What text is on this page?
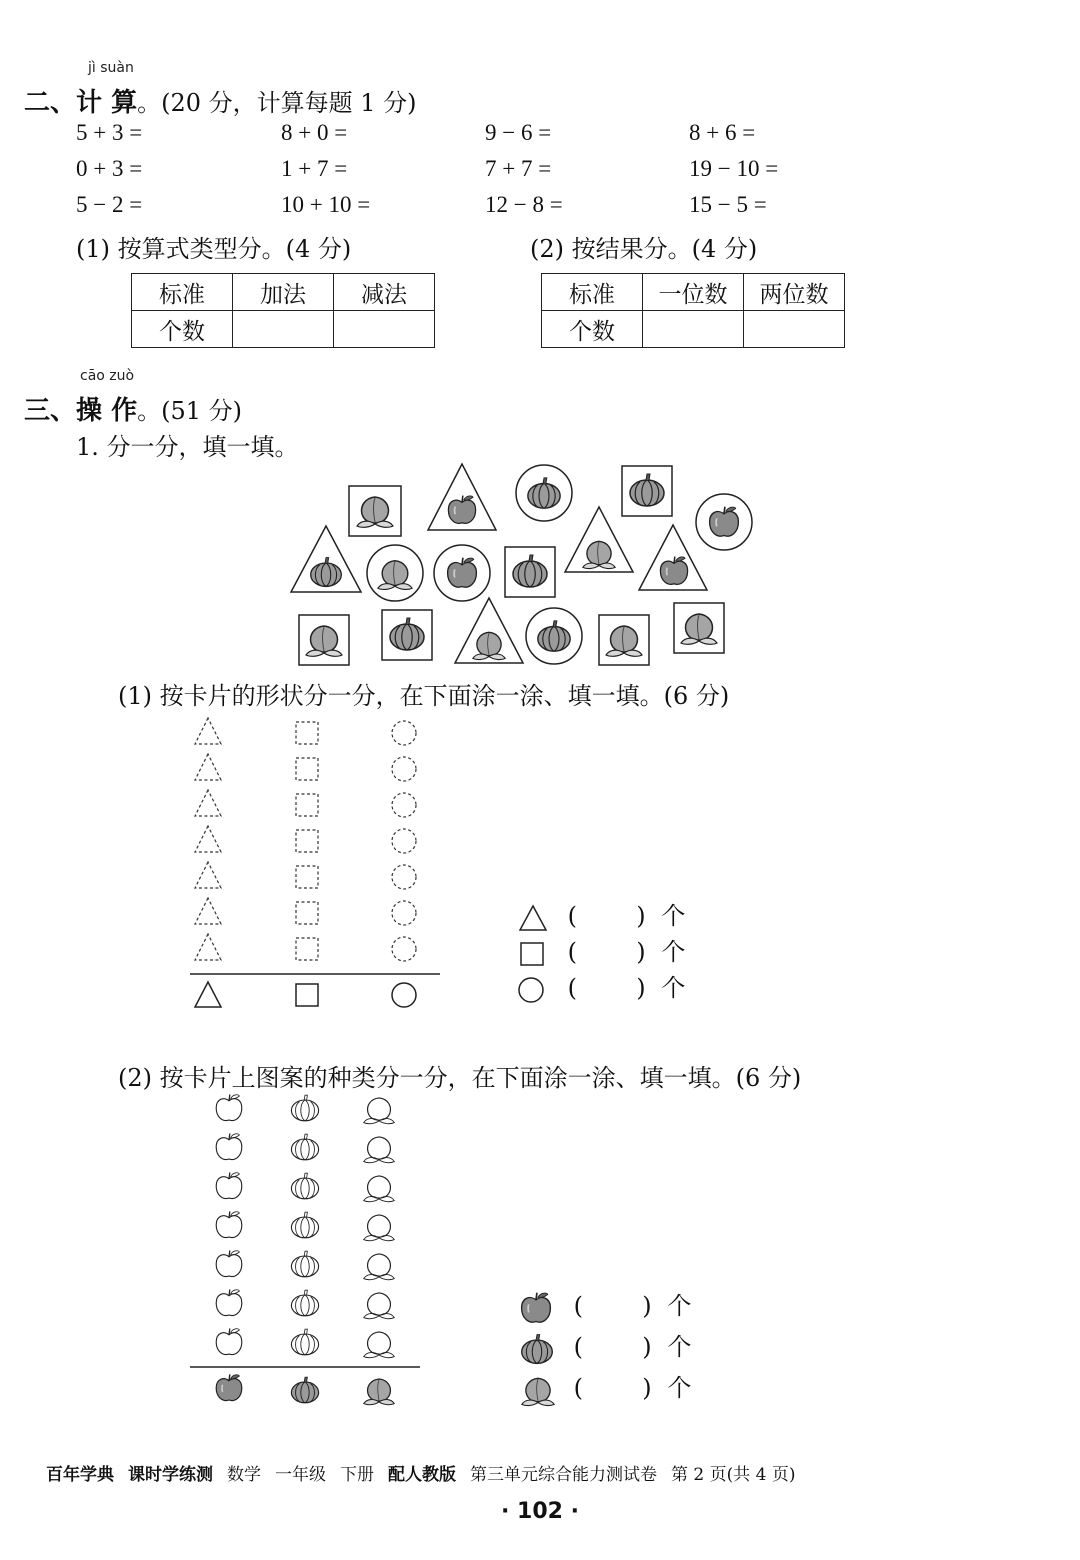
jì suàn
二、计 算。(20 分，计算每题 1 分)
5 + 3 =	8 + 0 =	9 − 6 =	8 + 6 =
0 + 3 =	1 + 7 =	7 + 7 =	19 − 10 =
5 − 2 =	10 + 10 =	12 − 8 =	15 − 5 =
(1) 按算式类型分。(4 分)	(2) 按结果分。(4 分)
标准	加法	减法
个数		
标准	一位数	两位数
个数		
cāo zuò
三、操 作。(51 分)
1. 分一分，填一填。
(1) 按卡片的形状分一分，在下面涂一涂、填一填。(6 分)
( ) 个
( ) 个
( ) 个
(2) 按卡片上图案的种类分一分，在下面涂一涂、填一填。(6 分)
( ) 个
( ) 个
( ) 个
百年学典 课时学练测 数学 一年级 下册 配人教版 第三单元综合能力测试卷 第 2 页(共 4 页)
· 102 ·
